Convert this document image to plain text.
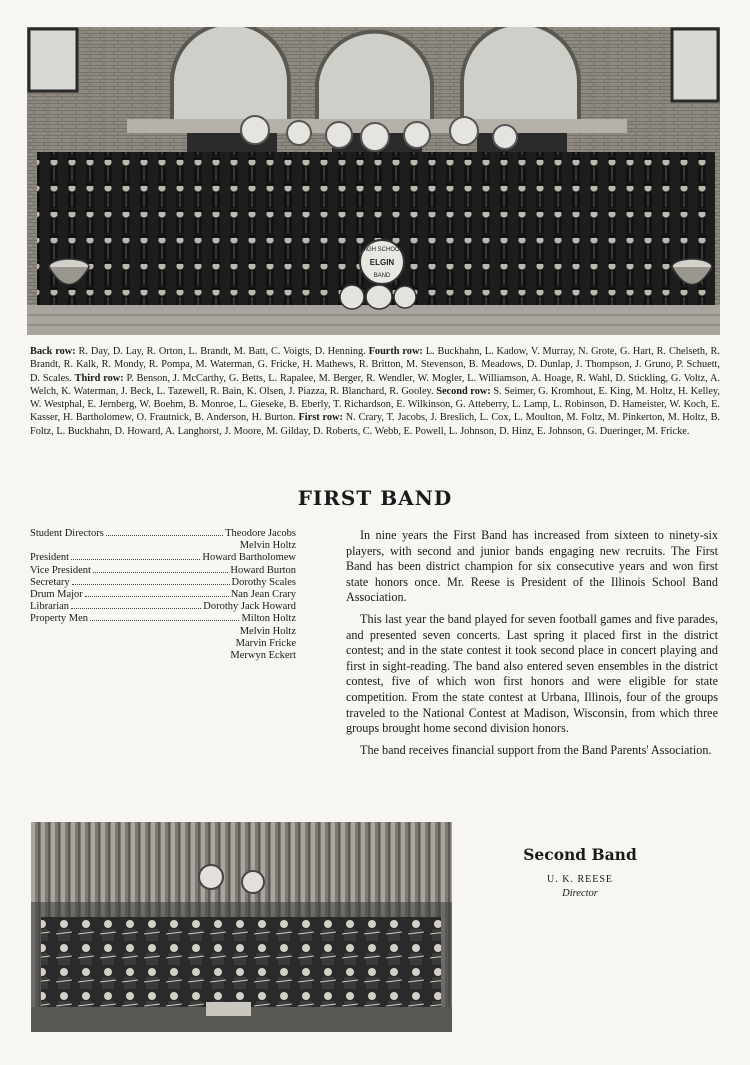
HIGH SCHOOL
ELGIN
BAND
Back row: R. Day, D. Lay, R. Orton, L. Brandt, M. Batt, C. Voigts, D. Henning. Fourth row: L. Buckhahn, L. Kadow, V. Murray, N. Grote, G. Hart, R. Chelseth, R. Brandt, R. Kalk, R. Mondy, R. Pompa, M. Waterman, G. Fricke, H. Mathews, R. Britton, M. Stevenson, B. Meadows, D. Dunlap, J. Thompson, J. Gruno, P. Schuett, D. Scales. Third row: P. Benson, J. McCarthy, G. Betts, L. Rapalee, M. Berger, R. Wendler, W. Mogler, L. Williamson, A. Hoage, R. Wahl, D. Stickling, G. Voltz, A. Welch, K. Waterman, J. Beck, L. Tazewell, R. Bain, K. Olsen, J. Piazza, R. Blanchard, R. Gooley. Second row: S. Seimer, G. Kromhout, E. King, M. Holtz, H. Kelley, W. Westphal, E. Jernberg, W. Boehm, B. Monroe, L. Gieseke, B. Eberly, T. Richardson, E. Wilkinson, G. Atteberry, L. Lamp, L. Robinson, D. Hameister, W. Koch, E. Kasser, H. Bartholomew, O. Frautnick, B. Anderson, H. Burton. First row: N. Crary, T. Jacobs, J. Breslich, L. Cox, L. Moulton, M. Foltz, M. Pinkerton, M. Holtz, B. Foltz, L. Buckhahn, D. Howard, A. Langhorst, J. Moore, M. Gilday, D. Roberts, C. Webb, E. Powell, L. Johnson, D. Hinz, E. Johnson, G. Dueringer, M. Fricke.
FIRST BAND
Student Directors	Theodore Jacobs
Melvin Holtz
President	Howard Bartholomew
Vice President	Howard Burton
Secretary	Dorothy Scales
Drum Major	Nan Jean Crary
Librarian	Dorothy Jack Howard
Property Men	Milton Holtz
Melvin Holtz
Marvin Fricke
Merwyn Eckert

In nine years the First Band has increased from sixteen to ninety-six players, with second and junior bands engaging new recruits. The First Band has been district champion for six consecutive years and won first state honors once. Mr. Reese is President of the Illinois School Band Association.

This last year the band played for seven football games and five parades, and presented seven concerts. Last spring it placed first in the district contest; and in the state contest it took second place in concert playing and first in sight-reading. The band also entered seven ensembles in the district contest, five of which won first honors and were eligible for state competition. From the state contest at Urbana, Illinois, four of the groups traveled to the National Contest at Madison, Wisconsin, from which three groups brought home second division honors.

The band receives financial support from the Band Parents' Association.

Second Band
U. K. REESE
Director
